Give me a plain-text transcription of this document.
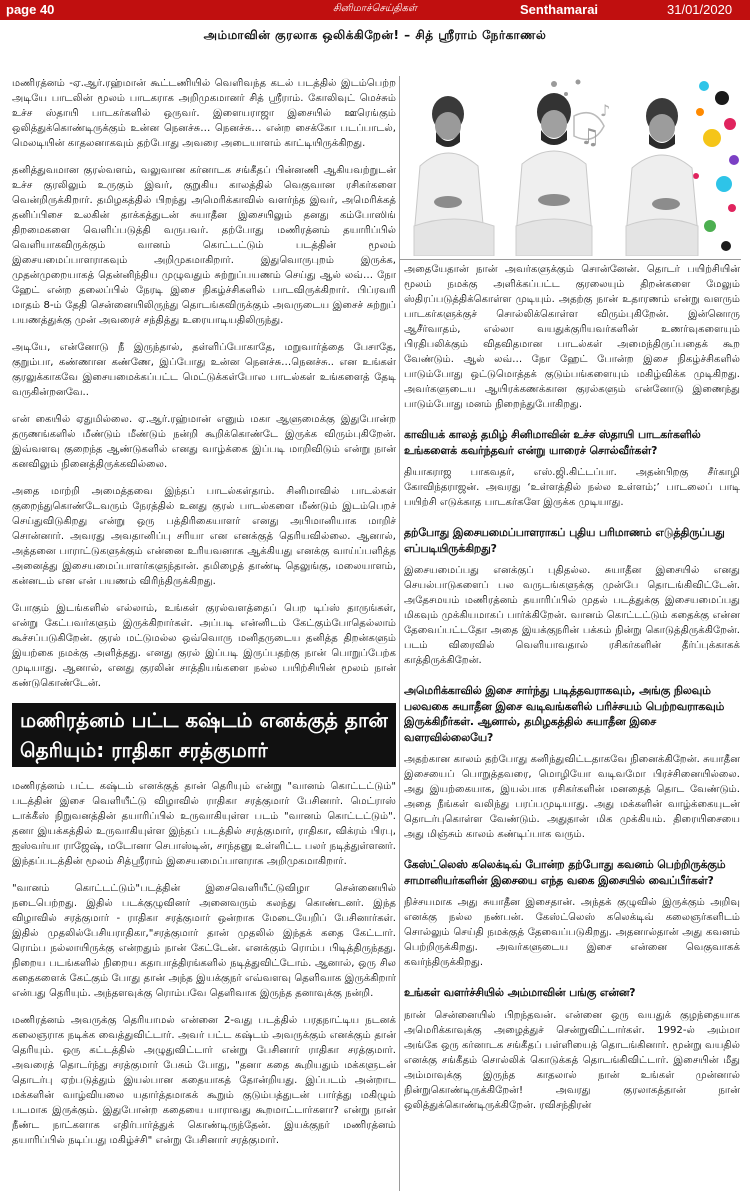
page 40	சினிமாச்செய்திகள்	Senthamarai	31/01/2020
அம்மாவின் குரலாக ஒலிக்கிறேன்! – சித் ஸ்ரீராம் நேர்காணல்

மணிரத்னம் -ஏ.ஆர்.ரஹ்மான் கூட்டணியில் வெளிவந்த கடல் படத்தில் இடம்பெற்ற அடியே பாடலின் மூலம் பாடகராக அறிமுகமானர் சித் ஸ்ரீராம். கோலிவுட் மெச்சும் உச்ச ஸ்தாயி பாடகர்களில் ஒருவர். இளையராஜா இசையில் ஊரெங்கும் ஒலித்துக்கொண்டிருக்கும் உன்ன நெனச்சு… நெனச்சு… என்ற சைக்கோ படப்பாடல், மெலடியின் காதலனாகவும் தற்போது அவரை அடையாளம் காட்டியிருக்கிறது.

தனித்துவமான குரல்வளம், வலுவான கர்னாடக சங்கீதப் பின்னணி ஆகியவற்றுடன் உச்ச குரலிலும் உருகும் இவர், குறுகிய காலத்தில் வெகுவான ரசிகர்களை வென்றிருக்கிறார். தமிழகத்தில் பிறந்து அமெரிக்காவில் வளர்ந்த இவர், அமெரிக்கத் தனிப்பிசை உலகின் தாக்கத்துடன் சுயாதீன இசையிலும் தனது கம்போஸிங் திறமைகளை வெளிப்படுத்தி வருபவர். தற்போது மணிரத்னம் தயாரிப்பில் வெளியாகவிருக்கும் வானம் கொட்டட்டும் படத்தின் மூலம் இசையமைப்பாளராகவும் அறிமுகமாகிறார். இதுவொருபுறம் இருக்க, முதன்முறையாகத் தென்னிந்திய முழுவதும் சுற்றுப்பயணம் செய்து ஆல் லவ்… நோ ஹேட் என்ற தலைப்பில் நேரடி இசை நிகழ்ச்சிகளில் பாடவிருக்கிறார். பிப்ரவரி மாதம் 8-ம் தேதி சென்னையிலிருந்து தொடங்கவிருக்கும் அவருடைய இசைச் சுற்றுப் பயணத்துக்கு முன் அவரைச் சந்தித்து உரையாடியதிலிருந்து.

அடியே, என்னோடு நீ இருந்தால், தள்ளிப்போகாதே, மறுவார்த்தை பேசாதே, குறும்பா, கண்ணான கண்ணே, இப்போது உன்ன நெனச்சு…நெனச்சு.. என உங்கள் குரலுக்காகவே இசையமைக்கப்பட்ட மெட்டுக்கள்போல பாடல்கள் உங்களைத் தேடி வருகின்றனவே..

என் கையில் ஏதுமில்லை. ஏ.ஆர்.ரஹ்மான் எனும் மகா ஆளுமைக்கு இதுபோன்ற தருணங்களில் மீண்டும் மீண்டும் நன்றி கூறிக்கொண்டே இருக்க விரும்புகிறேன். இவ்வளவு குறைந்த ஆண்டுகளில் எனது வாழ்க்கை இப்படி மாறிவிடும் என்று நான் கனவிலும் நினைத்திருக்கவில்லை.

அதை மாற்றி அமைத்தவை இந்தப் பாடல்கள்தாம். சினிமாவில் பாடல்கள் குறைந்துகொண்டேவரும் நேரத்தில் உனது குரல் பாடல்களை மீண்டும் இடம்பெறச் செய்துவிடுகிறது என்று ஒரு பத்திரிகையாளர் எனது அபிமானியாக மாறிச் சொன்னார். அவரது அவதானிப்பு சரியா என எனக்குத் தெரியவில்லை. ஆனால், அத்தனை பாராட்டுகளுக்கும் என்னை உரியவனாக ஆக்கியது எனக்கு வாய்ப்பளித்த அனைத்து இசையமைப்பாளர்களுந்தான். தமிழைத் தாண்டி தெலுங்கு, மலையாளம், கன்னடம் என என் பயணம் விரிந்திருக்கிறது.

போகும் இடங்களில் எல்லாம், உங்கள் குரல்வளத்தைப் பெற டிப்ஸ் தாருங்கள், என்று கேட்பவர்களும் இருக்கிறார்கள். அப்படி என்னிடம் கேட்கும்போதெல்லாம் கூச்சப்படுகிறேன். குரல் மட்டுமல்ல ஒவ்வொரு மனிதருடைய தனித்த திறன்களும் இயற்கை நமக்கு அளித்தது. எனது குரல் இப்படி இருப்பதற்கு நான் பொறுப்பேற்க முடியாது. ஆனால், எனது குரலின் சாத்தியங்களை நல்ல பயிற்சியின் மூலம் நான் கண்டுகொண்டேன்.

மணிரத்னம் பட்ட கஷ்டம் எனக்குத் தான் தெரியும்: ராதிகா சரத்குமார்

மணிரத்னம் பட்ட கஷ்டம் எனக்குத் தான் தெரியும் என்று "வானம் கொட்டட்டும்" படத்தின் இசை வெளியீட்டு விழாவில் ராதிகா சரத்குமார் பேசினார். மெட்ராஸ் டாக்கீஸ் நிறுவனத்தின் தயாரிப்பில் உருவாகியுள்ள படம் "வானம் கொட்டட்டும்". தனா இயக்கத்தில் உருவாகியுள்ள இந்தப் படத்தில் சரத்குமார், ராதிகா, விக்ரம் பிரபு, ஐஸ்வர்யா ராஜேஷ், மடோனா செபாஸ்டின், சாந்தனு உள்ளிட்ட பலர் நடித்துள்ளனர். இந்தப்படத்தின் மூலம் சித்ஸ்ரீராம் இசையமைப்பாளராக அறிமுகமாகிறார்.

"வானம் கொட்டட்டும்"படத்தின் இசைவெளியீட்டுவிழா சென்னையில் நடைபெற்றது. இதில் படக்குழுவினர் அனைவரும் கலந்து கொண்டனர். இந்த விழாவில் சரத்குமார் - ராதிகா சரத்குமார் ஒன்றாக மேடையேறிப் பேசினார்கள். இதில் முதலில்பேசியராதிகா,"சரத்குமார் தான் முதலில் இந்தக் கதை கேட்டார். ரொம்ப நல்லாயிருக்கு என்றதும் நான் கேட்டேன். எனக்கும் ரொம்ப பிடித்திருந்தது. நிறைய படங்களில் நிறைய கதாபாத்திரங்களில் நடித்துவிட்டோம். ஆனால், ஒரு சில கதைகளைக் கேட்கும் போது தான் அந்த இயக்குநர் எவ்வளவு தெளிவாக இருக்கிறார் என்பது தெரியும். அந்தளவுக்கு ரொம்பவே தெளிவாக இருந்த தனாவுக்கு நன்றி.

மணிரத்னம் அவருக்கு தெரியாமல் என்னை 2-வது படத்தில் பரதநாட்டிய நடனக் கலைஞராக நடிக்க வைத்துவிட்டார். அவர் பட்ட கஷ்டம் அவருக்கும் எனக்கும் தான் தெரியும். ஒரு கட்டத்தில் அழுதுவிட்டார் என்று பேசினார் ராதிகா சரத்குமார். அவரைத் தொடர்ந்து சரத்குமார் பேசும் போது, "தனா கதை கூறியதும் மக்களுடன் தொடர்பு ஏற்படுத்தும் இயல்பான கதையாகத் தோன்றியது. இப்படம் அன்றாட மக்களின் வாழ்வியலை யதார்த்தமாகக் கூறும் குடும்பத்துடன் பார்த்து மகிழும் படமாக இருக்கும். இதுபோன்ற கதையை யாராவது கூறமாட்டார்களா? என்று நான் நீண்ட நாட்களாக எதிர்பார்த்துக் கொண்டிருந்தேன். இயக்குநர் மணிரத்னம் தயாரிப்பில் நடிப்பது மகிழ்ச்சி" என்று பேசினார் சரத்குமார்.

♫
♪

அதையேதான் நான் அவர்களுக்கும் சொன்னேன். தொடர் பயிற்சியின் மூலம் நமக்கு அளிக்கப்பட்ட குரலையும் திறன்களை மேலும் ஸ்திரப்படுத்திக்கொள்ள முடியும். அதற்கு நான் உதாரணம் என்று வளரும் பாடகர்களுக்குச் சொல்லிக்கொள்ள விரும்புகிறேன். இன்னொரு ஆசீர்வாதம், எல்லா வயதுக்குரியவர்களின் உணர்வுகளையும் பிரதிபலிக்கும் விதவிதமான பாடல்கள் அமைந்திருப்பதைக் கூற வேண்டும். ஆல் லவ்… நோ ஹேட் போன்ற இசை நிகழ்ச்சிகளில் பாடும்போது ஒட்டுமொத்தக் குடும்பங்களையும் மகிழ்விக்க முடிகிறது. அவர்களுடைய ஆயிரக்கணக்கான குரல்களும் என்னோடு இணைந்து பாடும்போது மனம் நிறைந்துபோகிறது.

காவியக் காலத் தமிழ் சினிமாவின் உச்ச ஸ்தாயி பாடகர்களில் உங்களைக் கவர்ந்தவர் என்று யாரைச் சொல்வீர்கள்?

தியாகராஜ பாகவதர், எஸ்.ஜி.கிட்டப்பா. அதன்பிறகு சீர்காழி கோவிந்தராஜன். அவரது ‘உள்ளத்தில் நல்ல உள்ளம்;’ பாடலைப் பாடி பயிற்சி எடுக்காத பாடகர்களே இருக்க முடியாது.

தற்போது இசையமைப்பாளராகப் புதிய பரிமாணம் எடுத்திருப்பது எப்படியிருக்கிறது?

இசையமைப்பது எனக்குப் புதிதல்ல. சுயாதீன இசையில் எனது செயல்பாடுகளைப் பல வருடங்களுக்கு முன்பே தொடங்கிவிட்டேன். அதேசமயம் மணிரத்னம் தயாரிப்பில் முதல் படத்துக்கு இசையமைப்பது மிகவும் முக்கியமாகப் பார்க்கிறேன். வானம் கொட்டட்டும் கதைக்கு என்ன தேவைப்பட்டதோ அதை இயக்குநரின் பக்கம் நின்று கொடுத்திருக்கிறேன். படம் விரைவில் வெளியாவதால் ரசிகர்களின் தீர்ப்புக்காகக் காத்திருக்கிறேன்.

அமெரிக்காவில் இசை சார்ந்து படித்தவராகவும், அங்கு நிலவும் பலவகை சுயாதீன இசை வடிவங்களில் பரிச்சயம் பெற்றவராகவும் இருக்கிறீர்கள். ஆனால், தமிழகத்தில் சுயாதீன இசை வளரவில்லையே?

அதற்கான காலம் தற்போது கனிந்துவிட்டதாகவே நினைக்கிறேன். சுயாதீன இசையைப் பொறுத்தவரை, மொழியோ வடிவமோ பிரச்சினையில்லை. அது இயற்கையாக, இயல்பாக ரசிகர்களின் மனதைத் தொட வேண்டும். அதை நீங்கள் வலிந்து பரப்பமுடியாது. அது மக்களின் வாழ்க்கையுடன் தொடர்புகொள்ள வேண்டும். அதுதான் மிக முக்கியம். திரையிசையை அது மிஞ்சும் காலம் கண்டிப்பாக வரும்.

கேஸ்ட்லெஸ் கலெக்டிவ் போன்ற தற்போது கவனம் பெற்றிருக்கும் சாமானியர்களின் இசையை எந்த வகை இசையில் வைப்பீர்கள்?

நிச்சயமாக அது சுயாதீன இசைதான். அந்தக் குழுவில் இருக்கும் அறிவு எனக்கு நல்ல நண்பன். கேஸ்ட்லெஸ் கலெக்டிவ் கலைஞர்களிடம் சொல்லும் செய்தி நமக்குத் தேவைப்படுகிறது. அதனால்தான் அது கவனம் பெற்றிருக்கிறது. அவர்களுடைய இசை என்னை வெகுவாகக் கவர்ந்திருக்கிறது.

உங்கள் வளர்ச்சியில் அம்மாவின் பங்கு என்ன?

நான் சென்னையில் பிறந்தவன். என்னை ஒரு வயதுக் குழந்தையாக அமெரிக்காவுக்கு அழைத்துச் சென்றுவிட்டார்கள். 1992-ல் அம்மா அங்கே ஒரு கர்னாடக சங்கீதப் பள்ளியைத் தொடங்கினார். மூன்று வயதில் எனக்கு சங்கீதம் சொல்லிக் கொடுக்கத் தொடங்கிவிட்டார். இசையின் மீது அம்மாவுக்கு இருந்த காதலால் நான் உங்கள் முன்னால் நின்றுகொண்டிருக்கிறேன்! அவரது குரலாகத்தான் நான் ஒலித்துக்கொண்டிருக்கிறேன். ரவிசந்திரன்
